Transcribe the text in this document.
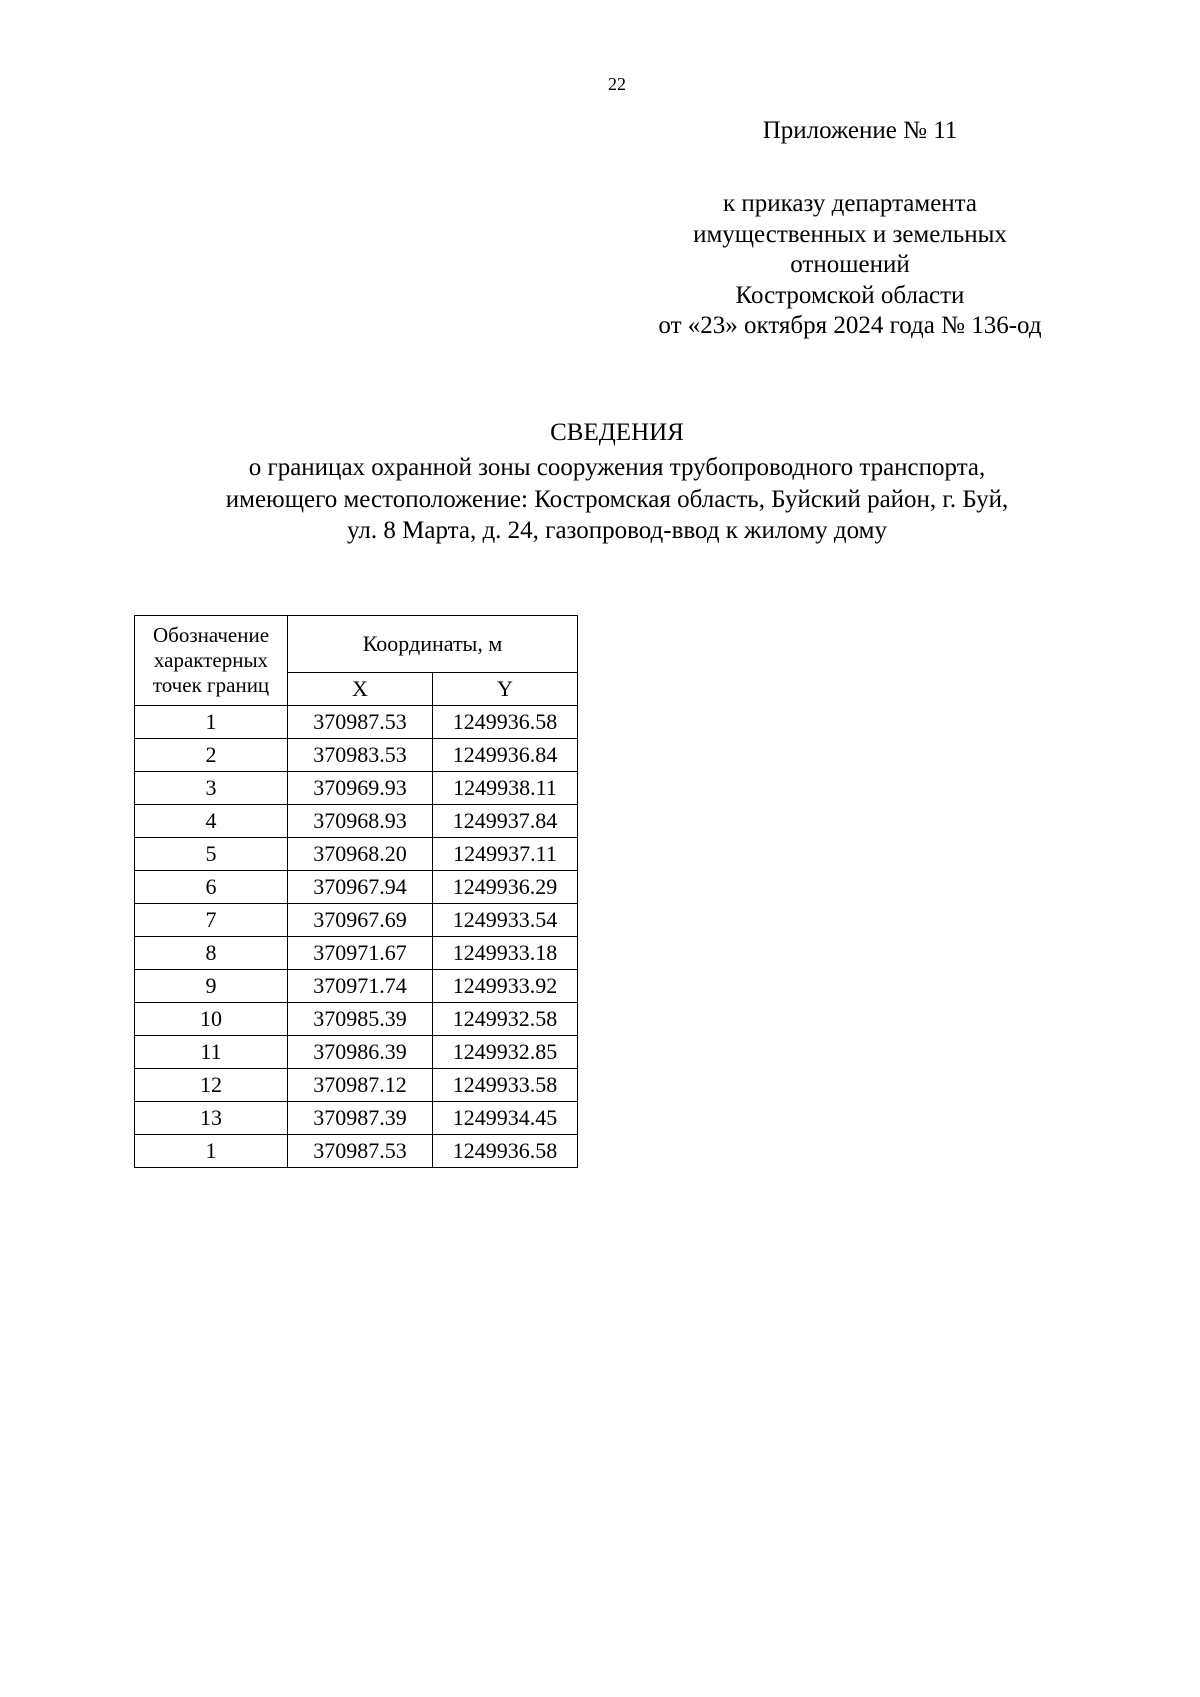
22
Приложение № 11
к приказу департамента
имущественных и земельных
отношений
Костромской области
от «23» октября 2024 года № 136-од
СВЕДЕНИЯ
о границах охранной зоны сооружения трубопроводного транспорта,
имеющего местоположение: Костромская область, Буйский район, г. Буй,
ул. 8 Марта, д. 24, газопровод-ввод к жилому дому
Обозначение
характерных
точек границ	Координаты, м	
	X	Y
1	370987.53	1249936.58
2	370983.53	1249936.84
3	370969.93	1249938.11
4	370968.93	1249937.84
5	370968.20	1249937.11
6	370967.94	1249936.29
7	370967.69	1249933.54
8	370971.67	1249933.18
9	370971.74	1249933.92
10	370985.39	1249932.58
11	370986.39	1249932.85
12	370987.12	1249933.58
13	370987.39	1249934.45
1	370987.53	1249936.58
